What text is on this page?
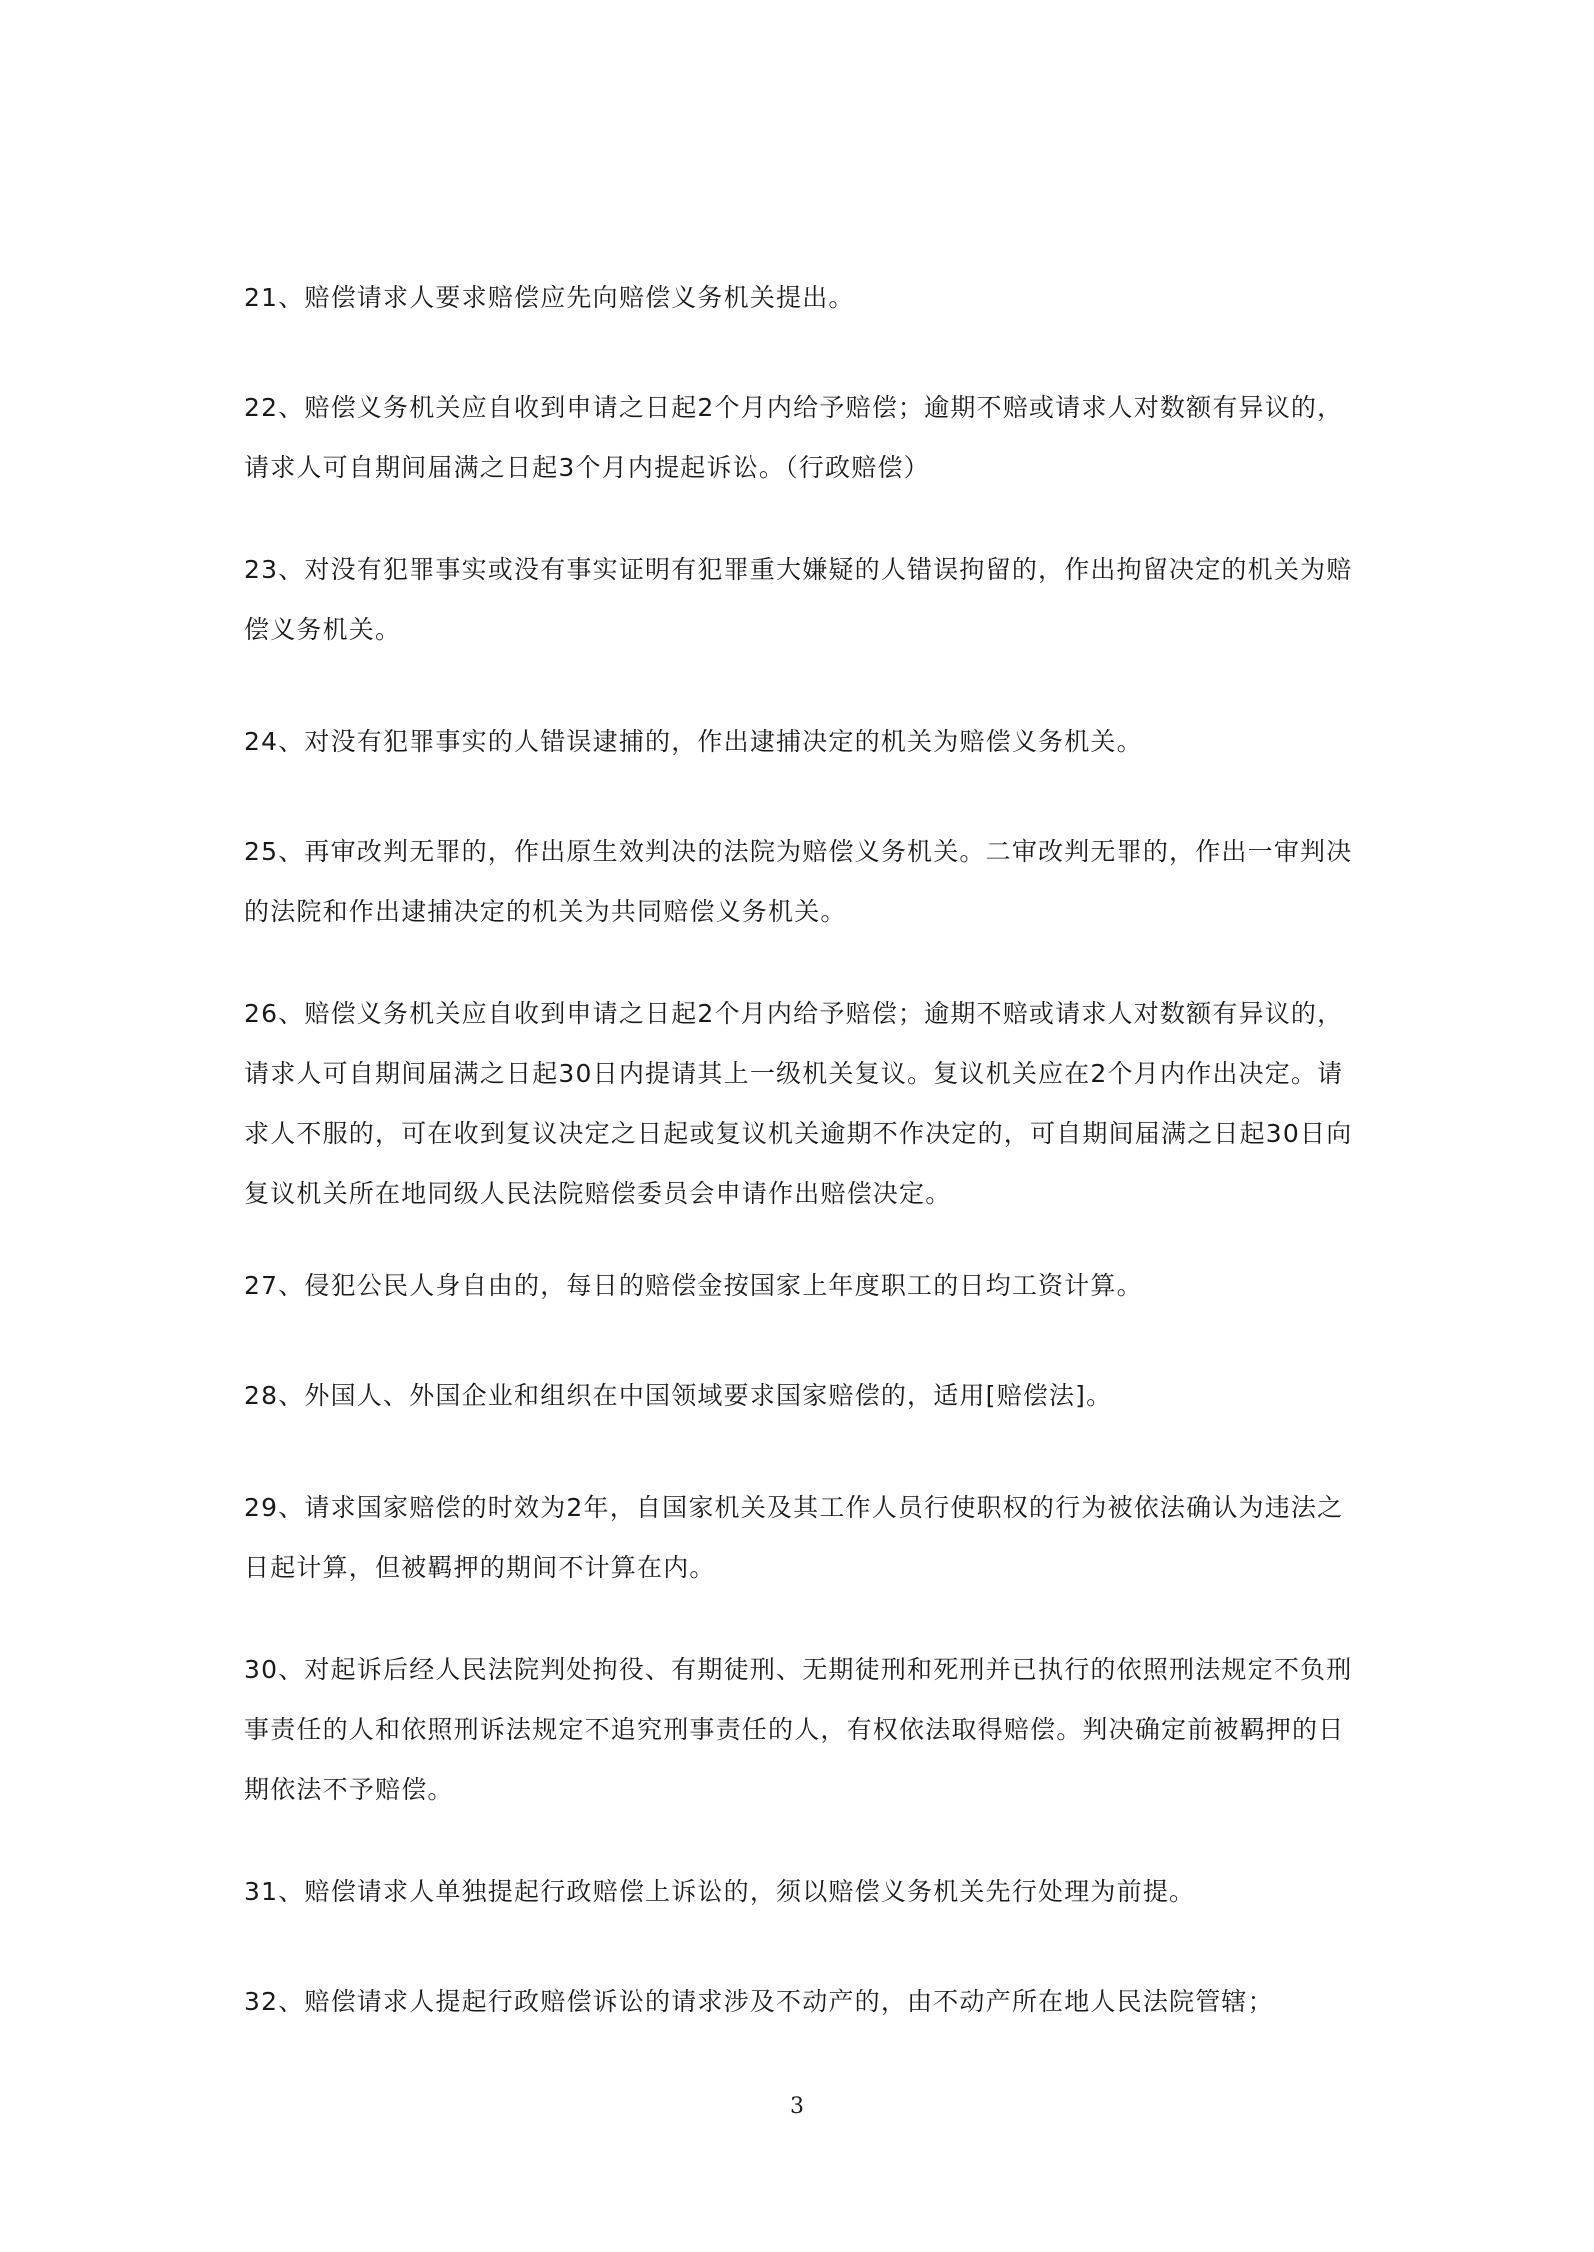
21、赔偿请求人要求赔偿应先向赔偿义务机关提出。

22、赔偿义务机关应自收到申请之日起2个月内给予赔偿；逾期不赔或请求人对数额有异议的，请求人可自期间届满之日起3个月内提起诉讼。（行政赔偿）

23、对没有犯罪事实或没有事实证明有犯罪重大嫌疑的人错误拘留的，作出拘留决定的机关为赔偿义务机关。

24、对没有犯罪事实的人错误逮捕的，作出逮捕决定的机关为赔偿义务机关。

25、再审改判无罪的，作出原生效判决的法院为赔偿义务机关。二审改判无罪的，作出一审判决的法院和作出逮捕决定的机关为共同赔偿义务机关。

26、赔偿义务机关应自收到申请之日起2个月内给予赔偿；逾期不赔或请求人对数额有异议的，请求人可自期间届满之日起30日内提请其上一级机关复议。复议机关应在2个月内作出决定。请求人不服的，可在收到复议决定之日起或复议机关逾期不作决定的，可自期间届满之日起30日向复议机关所在地同级人民法院赔偿委员会申请作出赔偿决定。

27、侵犯公民人身自由的，每日的赔偿金按国家上年度职工的日均工资计算。

28、外国人、外国企业和组织在中国领域要求国家赔偿的，适用[赔偿法]。

29、请求国家赔偿的时效为2年，自国家机关及其工作人员行使职权的行为被依法确认为违法之日起计算，但被羁押的期间不计算在内。

30、对起诉后经人民法院判处拘役、有期徒刑、无期徒刑和死刑并已执行的依照刑法规定不负刑事责任的人和依照刑诉法规定不追究刑事责任的人，有权依法取得赔偿。判决确定前被羁押的日期依法不予赔偿。

31、赔偿请求人单独提起行政赔偿上诉讼的，须以赔偿义务机关先行处理为前提。

32、赔偿请求人提起行政赔偿诉讼的请求涉及不动产的，由不动产所在地人民法院管辖；

3
